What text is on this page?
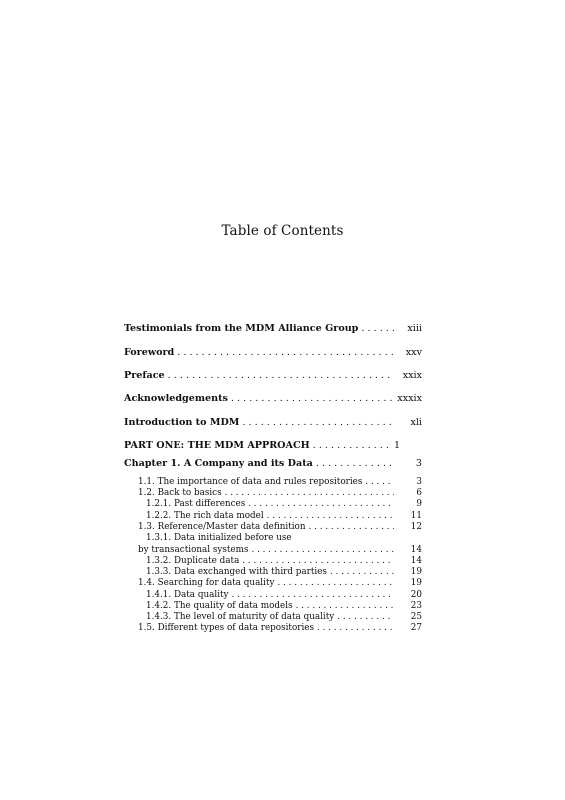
Table of Contents
Testimonials from the MDM Alliance Group . . .	xiii
Foreword . . .	xxv
Preface . . .	xxix
Acknowledgements . . .	xxxix
Introduction to MDM . . .	xli
PART ONE: THE MDM APPROACH . . .	1
Chapter 1. A Company and its Data . . .	3
1.1. The importance of data and rules repositories . . .	3
1.2. Back to basics . . .	6
1.2.1. Past differences . . .	9
1.2.2. The rich data model . . .	11
1.3. Reference/Master data definition . . .	12
1.3.1. Data initialized before use
by transactional systems . . .	14
1.3.2. Duplicate data . . .	14
1.3.3. Data exchanged with third parties . . .	19
1.4. Searching for data quality . . .	19
1.4.1. Data quality . . .	20
1.4.2. The quality of data models . . .	23
1.4.3. The level of maturity of data quality . . .	25
1.5. Different types of data repositories . . .	27
